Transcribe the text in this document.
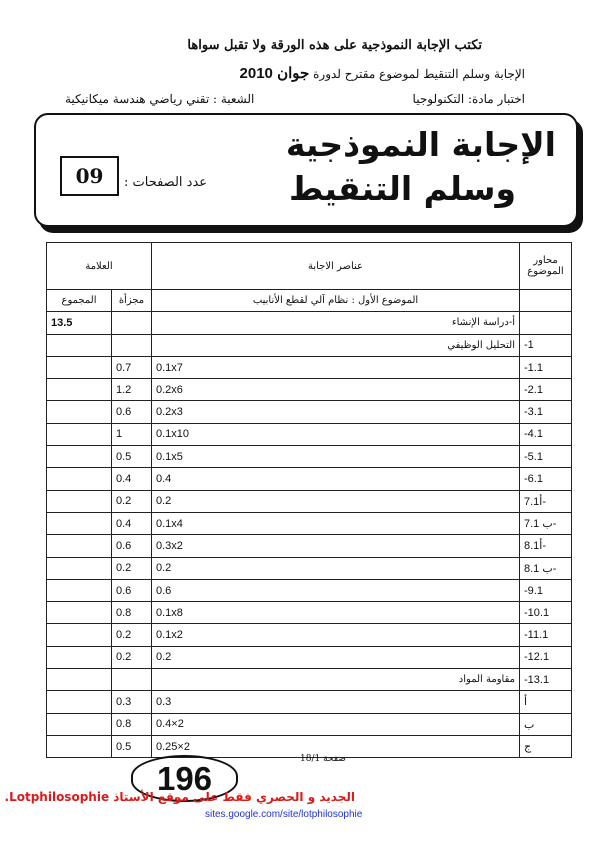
تكتب الإجابة النموذجية على هذه الورقة ولا تقبل سواها
الإجابة وسلم التنقيط لموضوع مقترح لدورة جوان 2010
اختبار مادة: التكنولوجيا
الشعبة : تقني رياضي هندسة ميكانيكية
الإجابة النموذجية
وسلم التنقيط
09	عدد الصفحات :
محاور الموضوع	عناصر الاجابة	العلامة	

	الموضوع الأول : نظام آلي لقطع الأنابيب	مجزأة	المجموع
	أ-دراسة الإنشاء		13.5
-1	التحليل الوظيفي		
-1.1	0.1x7	0.7	
-2.1	0.2x6	1.2	
-3.1	0.2x3	0.6	
-4.1	0.1x10	1	
-5.1	0.1x5	0.5	
-6.1	0.4	0.4	
7.1أ-	0.2	0.2	
7.1 ب-	0.1x4	0.4	
8.1أ-	0.3x2	0.6	
8.1 ب-	0.2	0.2	
-9.1	0.6	0.6	
-10.1	0.1x8	0.8	
-11.1	0.1x2	0.2	
-12.1	0.2	0.2	
-13.1	مقاومة المواد		
أ	0.3	0.3	
ب	0.4×2	0.8	
ج	0.25×2	0.5	
صفحة 18/1
196
الجديد و الحصري فقط على موقع الأستاذ Lotphilosophie.
sites.google.com/site/lotphilosophie
